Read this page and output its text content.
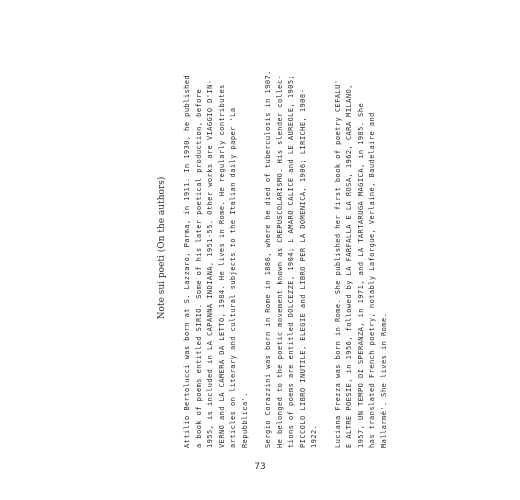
Note sui poeti (On the authors) Attilio Bertolucci was born at S. Lazzaro, Parma, in 1911. In 1930, he published a book of poems entitled SIRIO. Some of his later poetical production, before 1955, is included in LA CAPANNA INDIANA, 1951-55. Other works are VIAGGIO D'IN- VERNO and LA CAMERA DA LETTO, 1984. He lives in Rome. He regularly contributes articles on literary and cultural subjects to the Italian daily paper 'La Repubblica'.	Sergio Corazzini was born in Rome in 1886, where he died of tuberculosis in 1907. He belonged to the poetic movement known as CREPUSCOLARISMO. His slender collec- tions of poems are entitled DOLCEZZE, 1904; L AMARO CALICE and LE AUREOLE, 1905; PICCOLO LIBRO INUTILE, ELEGIE and LIBRO PER LA DOMENICA, 1906; LIRICHE, 1908- 1922.	Luciana Frezza was born in Rome. She published her first book of poetry CEFALU' E ALTRE POESIE, in 1956, followed by LA FARFALLA E LA ROSA, 1962, CARA MILANO, 1957, UN TEMPO DI SPERANZA, in 1971, and LA TARTARUGA MAGICA, in 1985. She has translated French poetry, notably Laforgue, Verlaine, Baudelaire and Mallarmé'. She lives in Rome.
73
